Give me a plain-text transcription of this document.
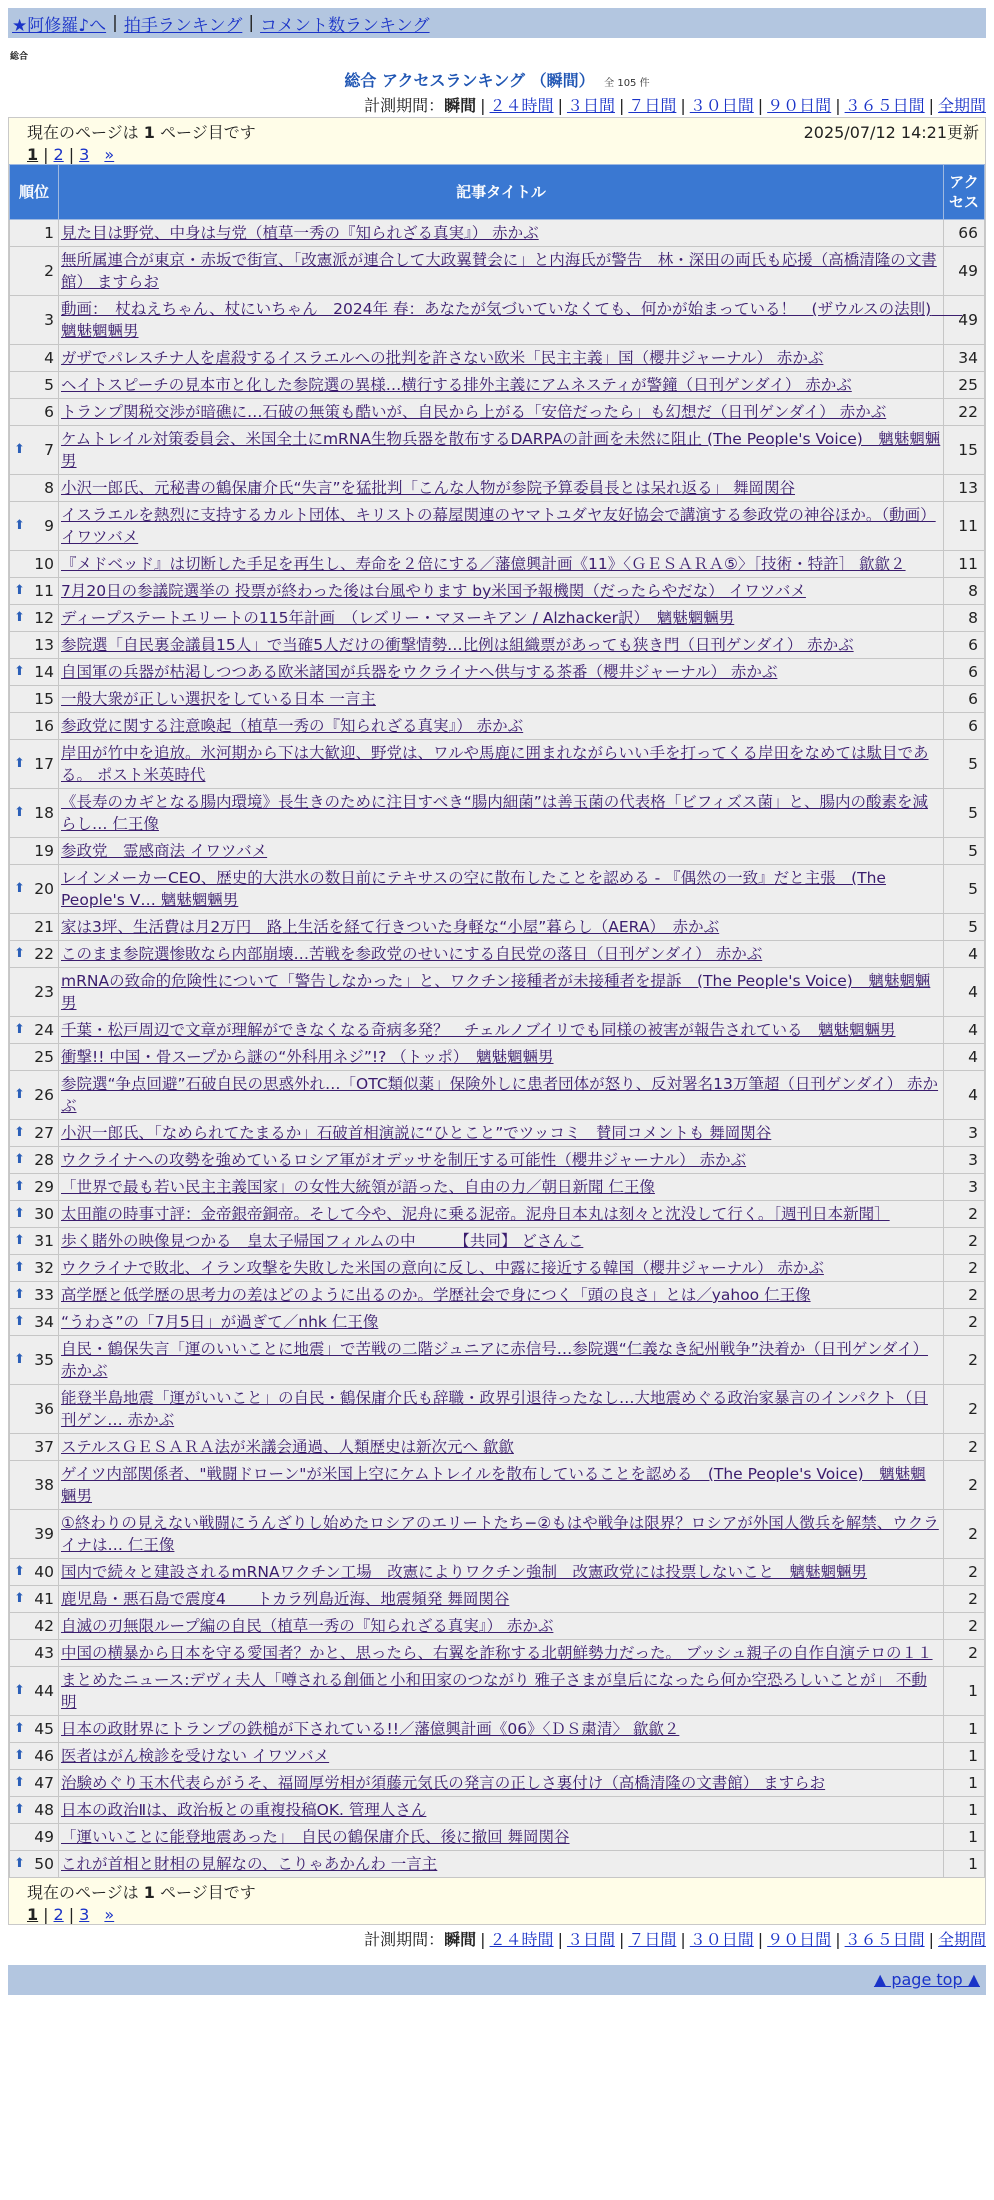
★阿修羅♪へ | 拍手ランキング | コメント数ランキング
総合
総合 アクセスランキング （瞬間） 全 105 件
計測期間：瞬間 | ２４時間 | ３日間 | ７日間 | ３０日間 | ９０日間 | ３６５日間 | 全期間
現在のページは 1 ページ目です	2025/07/12 14:21更新
1 | 2 | 3 »
順位	記事タイトル	アクセス
1	見た目は野党、中身は与党（植草一秀の『知られざる真実』） 赤かぶ	66
2	無所属連合が東京・赤坂で街宣、「改憲派が連合して大政翼賛会に」と内海氏が警告　林・深田の両氏も応援（高橋清隆の文書館） ますらお	49
3	動画：　杖ねえちゃん、杖にいちゃん　2024年 春：あなたが気づいていなくても、何かが始まっている！　(ザウルスの法則)　　魑魅魍魎男	49
4	ガザでパレスチナ人を虐殺するイスラエルへの批判を許さない欧米「民主主義」国（櫻井ジャーナル） 赤かぶ	34
5	ヘイトスピーチの見本市と化した参院選の異様…横行する排外主義にアムネスティが警鐘（日刊ゲンダイ） 赤かぶ	25
6	トランプ関税交渉が暗礁に…石破の無策も酷いが、自民から上がる「安倍だったら」も幻想だ（日刊ゲンダイ） 赤かぶ	22

⬆ 7	ケムトレイル対策委員会、米国全土にmRNA生物兵器を散布するDARPAの計画を未然に阻止 (The People's Voice)　魑魅魍魎男	15
8	小沢一郎氏、元秘書の鶴保庸介氏“失言”を猛批判「こんな人物が参院予算委員長とは呆れ返る」 舞岡関谷	13

⬆ 9	イスラエルを熱烈に支持するカルト団体、キリストの幕屋関連のヤマトユダヤ友好協会で講演する参政党の神谷ほか。（動画） イワツバメ	11
10	『メドベッド』は切断した手足を再生し、寿命を２倍にする／藩億興計画《11》〈ＧＥＳＡＲＡ⑤〉［技術・特許］ 歙歙２	11

⬆ 11	7月20日の参議院選挙の 投票が終わった後は台風やります by米国予報機関（だったらやだな） イワツバメ	8

⬆ 12	ディープステートエリートの115年計画　（レズリー・マヌーキアン / Alzhacker訳）　魑魅魍魎男	8
13	参院選「自民裏金議員15人」で当確5人だけの衝撃情勢…比例は組織票があっても狭き門（日刊ゲンダイ） 赤かぶ	6

⬆ 14	自国軍の兵器が枯渇しつつある欧米諸国が兵器をウクライナへ供与する茶番（櫻井ジャーナル） 赤かぶ	6
15	一般大衆が正しい選択をしている日本 一言主	6
16	参政党に関する注意喚起（植草一秀の『知られざる真実』） 赤かぶ	6

⬆ 17	岸田が竹中を追放。氷河期から下は大歓迎、野党は、ワルや馬鹿に囲まれながらいい手を打ってくる岸田をなめては駄目である。 ポスト米英時代	5

⬆ 18	《長寿のカギとなる腸内環境》長生きのために注目すべき“腸内細菌”は善玉菌の代表格「ビフィズス菌」と、腸内の酸素を減らし… 仁王像	5
19	参政党　霊感商法 イワツバメ	5

⬆ 20	レインメーカーCEO、歴史的大洪水の数日前にテキサスの空に散布したことを認める - 『偶然の一致』だと主張　(The People's V… 魑魅魍魎男	5
21	家は3坪、生活費は月2万円　路上生活を経て行きついた身軽な“小屋”暮らし（AERA）　赤かぶ	5

⬆ 22	このまま参院選惨敗なら内部崩壊…苦戦を参政党のせいにする自民党の落日（日刊ゲンダイ） 赤かぶ	4
23	mRNAの致命的危険性について「警告しなかった」と、ワクチン接種者が未接種者を提訴　(The People's Voice)　魑魅魍魎男	4

⬆ 24	千葉・松戸周辺で文章が理解ができなくなる奇病多発？　チェルノブイリでも同様の被害が報告されている　魑魅魍魎男	4
25	衝撃!! 中国・骨スープから謎の“外科用ネジ”!? （トッポ）　魑魅魍魎男	4

⬆ 26	参院選“争点回避”石破自民の思惑外れ…「OTC類似薬」保険外しに患者団体が怒り、反対署名13万筆超（日刊ゲンダイ） 赤かぶ	4

⬆ 27	小沢一郎氏、「なめられてたまるか」石破首相演説に“ひとこと”でツッコミ　賛同コメントも 舞岡関谷	3

⬆ 28	ウクライナへの攻勢を強めているロシア軍がオデッサを制圧する可能性（櫻井ジャーナル） 赤かぶ	3

⬆ 29	「世界で最も若い民主主義国家」の女性大統領が語った、自由の力／朝日新聞 仁王像	3

⬆ 30	太田龍の時事寸評：金帝銀帝銅帝。そして今や、泥舟に乗る泥帝。泥舟日本丸は刻々と沈没して行く。［週刊日本新聞］	2

⬆ 31	歩く賭外の映像見つかる　皇太子帰国フィルムの中　　　【共同】 どさんこ	2

⬆ 32	ウクライナで敗北、イラン攻撃を失敗した米国の意向に反し、中露に接近する韓国（櫻井ジャーナル） 赤かぶ	2

⬆ 33	高学歴と低学歴の思考力の差はどのように出るのか。学歴社会で身につく「頭の良さ」とは／yahoo 仁王像	2

⬆ 34	“うわさ”の「7月5日」が過ぎて／nhk 仁王像	2

⬆ 35	自民・鶴保失言「運のいいことに地震」で苦戦の二階ジュニアに赤信号…参院選“仁義なき紀州戦争”決着か（日刊ゲンダイ） 赤かぶ	2
36	能登半島地震「運がいいこと」の自民・鶴保庸介氏も辞職・政界引退待ったなし…大地震めぐる政治家暴言のインパクト（日刊ゲン… 赤かぶ	2
37	ステルスＧＥＳＡＲＡ法が米議会通過、人類歴史は新次元へ 歙歙	2
38	ゲイツ内部関係者、"戦闘ドローン"が米国上空にケムトレイルを散布していることを認める　(The People's Voice)　魑魅魍魎男	2
39	①終わりの見えない戦闘にうんざりし始めたロシアのエリートたち−②もはや戦争は限界？ロシアが外国人徴兵を解禁、ウクライナは… 仁王像	2

⬆ 40	国内で続々と建設されるmRNAワクチン工場　改憲によりワクチン強制　改憲政党には投票しないこと　魑魅魍魎男	2

⬆ 41	鹿児島・悪石島で震度4　　トカラ列島近海、地震頻発 舞岡関谷	2
42	自滅の刃無限ループ編の自民（植草一秀の『知られざる真実』） 赤かぶ	2
43	中国の横暴から日本を守る愛国者？かと、思ったら、右翼を詐称する北朝鮮勢力だった。 ブッシュ親子の自作自演テロの１１	2

⬆ 44	まとめたニュース:デヴィ夫人「噂される創価と小和田家のつながり 雅子さまが皇后になったら何か空恐ろしいことが」 不動明	1

⬆ 45	日本の政財界にトランプの鉄槌が下されている!!／藩億興計画《06》〈ＤＳ粛清〉 歙歙２	1

⬆ 46	医者はがん検診を受けない イワツバメ	1

⬆ 47	治験めぐり玉木代表らがうそ、福岡厚労相が須藤元気氏の発言の正しさ裏付け（高橋清隆の文書館） ますらお	1

⬆ 48	日本の政治Ⅱは、政治板との重複投稿OK. 管理人さん	1
49	「運いいことに能登地震あった」　自民の鶴保庸介氏、後に撤回 舞岡関谷	1

⬆ 50	これが首相と財相の見解なの、こりゃあかんわ 一言主	1
現在のページは 1 ページ目です
1 | 2 | 3 »
計測期間：瞬間 | ２４時間 | ３日間 | ７日間 | ３０日間 | ９０日間 | ３６５日間 | 全期間
▲ page top ▲
